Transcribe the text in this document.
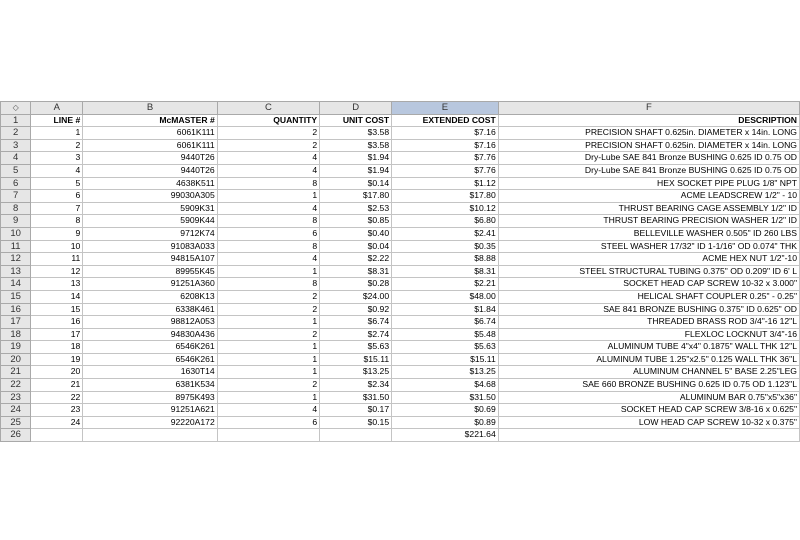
◇	A	B	C	D	E	F
1	LINE #	McMASTER #	QUANTITY	UNIT COST	EXTENDED COST	DESCRIPTION
2	1	6061K111	2	$3.58	$7.16	PRECISION SHAFT 0.625in. DIAMETER x 14in. LONG
3	2	6061K111	2	$3.58	$7.16	PRECISION SHAFT 0.625in. DIAMETER x 14in. LONG
4	3	9440T26	4	$1.94	$7.76	Dry-Lube SAE 841 Bronze BUSHING 0.625 ID 0.75 OD
5	4	9440T26	4	$1.94	$7.76	Dry-Lube SAE 841 Bronze BUSHING 0.625 ID 0.75 OD
6	5	4638K511	8	$0.14	$1.12	HEX SOCKET PIPE PLUG 1/8" NPT
7	6	99030A305	1	$17.80	$17.80	ACME LEADSCREW 1/2" - 10
8	7	5909K31	4	$2.53	$10.12	THRUST BEARING CAGE ASSEMBLY 1/2" ID
9	8	5909K44	8	$0.85	$6.80	THRUST BEARING PRECISION WASHER 1/2" ID
10	9	9712K74	6	$0.40	$2.41	BELLEVILLE WASHER 0.505" ID 260 LBS
11	10	91083A033	8	$0.04	$0.35	STEEL WASHER 17/32" ID 1-1/16" OD 0.074" THK
12	11	94815A107	4	$2.22	$8.88	ACME HEX NUT 1/2"-10
13	12	89955K45	1	$8.31	$8.31	STEEL STRUCTURAL TUBING 0.375" OD 0.209" ID 6' L
14	13	91251A360	8	$0.28	$2.21	SOCKET HEAD CAP SCREW 10-32 x 3.000"
15	14	6208K13	2	$24.00	$48.00	HELICAL SHAFT COUPLER 0.25" - 0.25"
16	15	6338K461	2	$0.92	$1.84	SAE 841 BRONZE BUSHING 0.375" ID 0.625" OD
17	16	98812A053	1	$6.74	$6.74	THREADED BRASS ROD 3/4"-16 12"L
18	17	94830A436	2	$2.74	$5.48	FLEXLOC LOCKNUT 3/4"-16
19	18	6546K261	1	$5.63	$5.63	ALUMINUM TUBE 4"x4" 0.1875" WALL THK 12"L
20	19	6546K261	1	$15.11	$15.11	ALUMINUM TUBE 1.25"x2.5" 0.125 WALL THK 36"L
21	20	1630T14	1	$13.25	$13.25	ALUMINUM CHANNEL 5" BASE 2.25"LEG
22	21	6381K534	2	$2.34	$4.68	SAE 660 BRONZE BUSHING 0.625 ID 0.75 OD 1.123"L
23	22	8975K493	1	$31.50	$31.50	ALUMINUM BAR 0.75"x5"x36"
24	23	91251A621	4	$0.17	$0.69	SOCKET HEAD CAP SCREW 3/8-16 x 0.625"
25	24	92220A172	6	$0.15	$0.89	LOW HEAD CAP SCREW 10-32 x 0.375"
26					$221.64	
